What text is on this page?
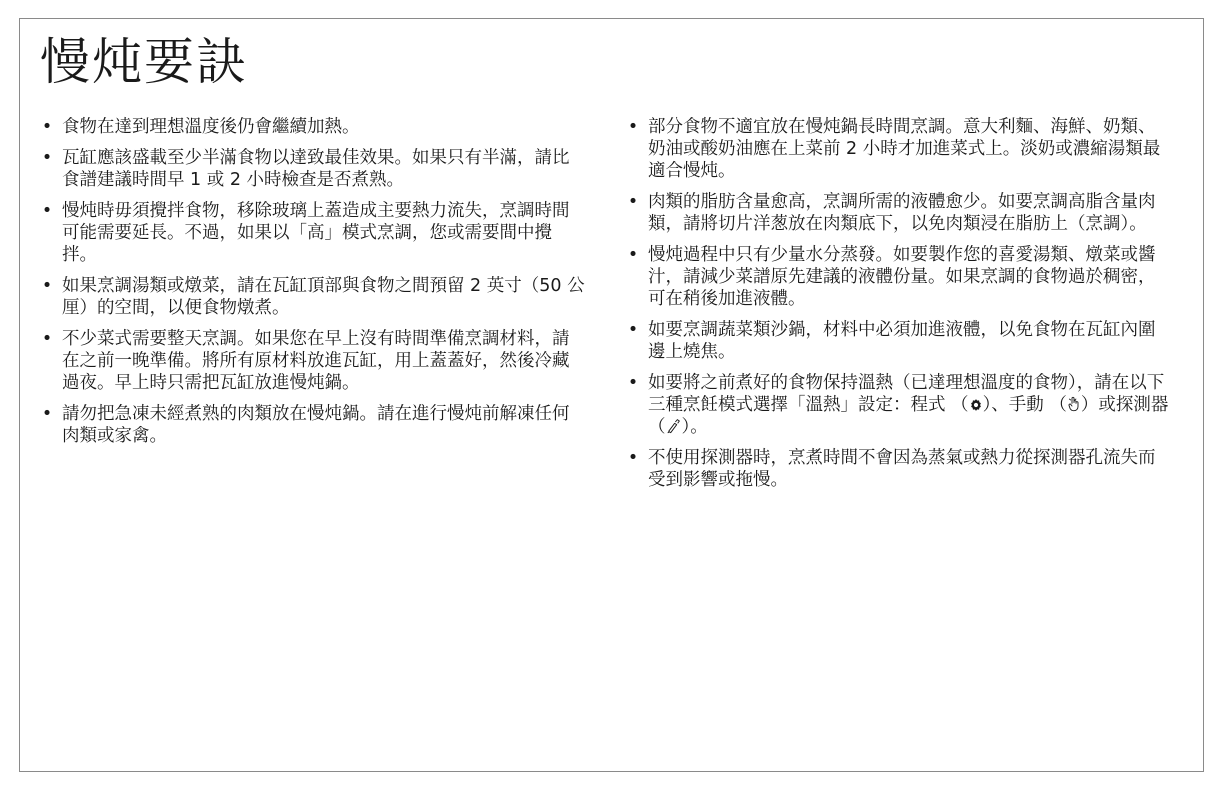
慢炖要訣
• 食物在達到理想溫度後仍會繼續加熱。
• 瓦缸應該盛載至少半滿食物以達致最佳效果。如果只有半滿，請比食譜建議時間早 1 或 2 小時檢查是否煮熟。
• 慢炖時毋須攪拌食物，移除玻璃上蓋造成主要熱力流失，烹調時間可能需要延長。不過，如果以「高」模式烹調，您或需要間中攪拌。
• 如果烹調湯類或燉菜，請在瓦缸頂部與食物之間預留 2 英寸（50 公厘）的空間，以便食物燉煮。
• 不少菜式需要整天烹調。如果您在早上沒有時間準備烹調材料，請在之前一晚準備。將所有原材料放進瓦缸，用上蓋蓋好，然後冷藏過夜。早上時只需把瓦缸放進慢炖鍋。
• 請勿把急凍未經煮熟的肉類放在慢炖鍋。請在進行慢炖前解凍任何肉類或家禽。
• 部分食物不適宜放在慢炖鍋長時間烹調。意大利麵、海鮮、奶類、奶油或酸奶油應在上菜前 2 小時才加進菜式上。淡奶或濃縮湯類最適合慢炖。
• 肉類的脂肪含量愈高，烹調所需的液體愈少。如要烹調高脂含量肉類，請將切片洋葱放在肉類底下，以免肉類浸在脂肪上（烹調）。
• 慢炖過程中只有少量水分蒸發。如要製作您的喜愛湯類、燉菜或醬汁，請減少菜譜原先建議的液體份量。如果烹調的食物過於稠密，可在稍後加進液體。
• 如要烹調蔬菜類沙鍋，材料中必須加進液體，以免食物在瓦缸內圍邊上燒焦。
• 如要將之前煮好的食物保持溫熱（已達理想溫度的食物），請在以下三種烹飪模式選擇「溫熱」設定：程式 （ ）、手動 （ ）或探測器 （ ）。
• 不使用探測器時，烹煮時間不會因為蒸氣或熱力從探測器孔流失而受到影響或拖慢。
